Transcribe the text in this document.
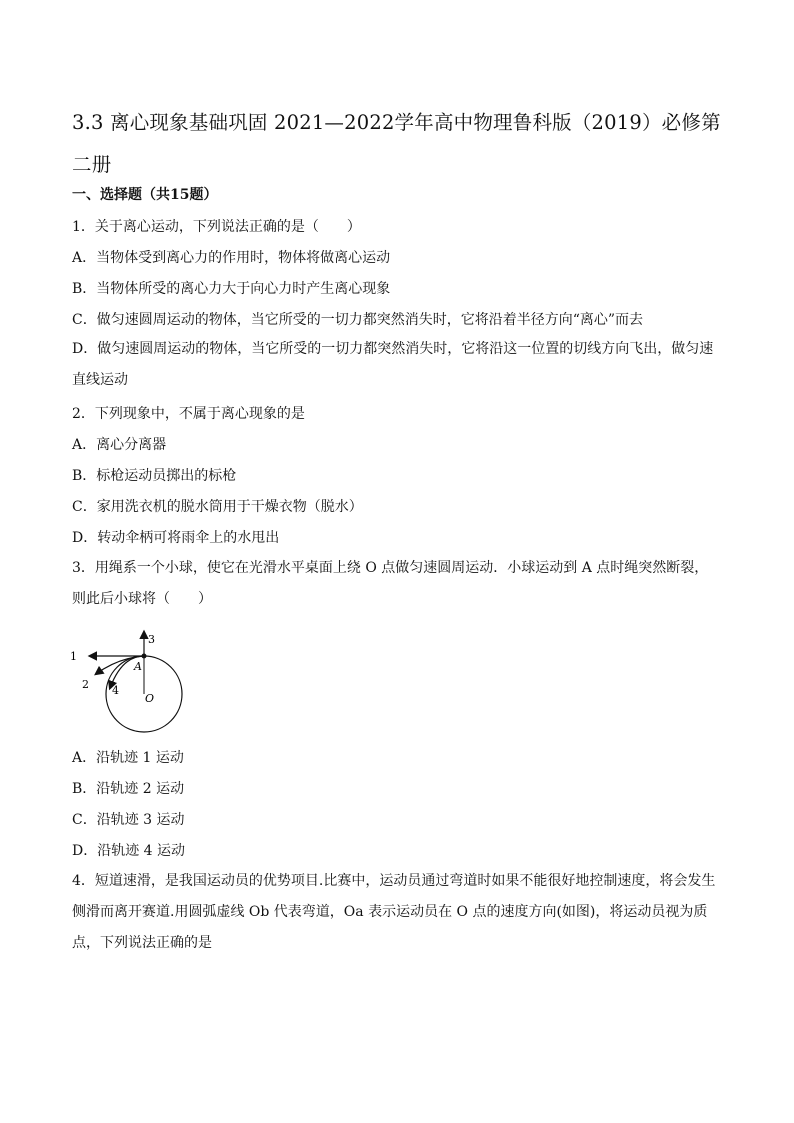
3.3 离心现象基础巩固 2021—2022学年高中物理鲁科版（2019）必修第二册
一、选择题（共15题）
1．关于离心运动，下列说法正确的是（　　）
A．当物体受到离心力的作用时，物体将做离心运动
B．当物体所受的离心力大于向心力时产生离心现象
C．做匀速圆周运动的物体，当它所受的一切力都突然消失时，它将沿着半径方向“离心”而去
D．做匀速圆周运动的物体，当它所受的一切力都突然消失时，它将沿这一位置的切线方向飞出，做匀速直线运动
2．下列现象中，不属于离心现象的是
A．离心分离器
B．标枪运动员掷出的标枪
C．家用洗衣机的脱水筒用于干燥衣物（脱水）
D．转动伞柄可将雨伞上的水甩出
3．用绳系一个小球，使它在光滑水平桌面上绕 O 点做匀速圆周运动．小球运动到 A 点时绳突然断裂，则此后小球将（　　）
1
2
3
4
A
O
A．沿轨迹 1 运动
B．沿轨迹 2 运动
C．沿轨迹 3 运动
D．沿轨迹 4 运动
4．短道速滑，是我国运动员的优势项目.比赛中，运动员通过弯道时如果不能很好地控制速度，将会发生侧滑而离开赛道.用圆弧虚线 Ob 代表弯道，Oa 表示运动员在 O 点的速度方向(如图)，将运动员视为质点，下列说法正确的是
